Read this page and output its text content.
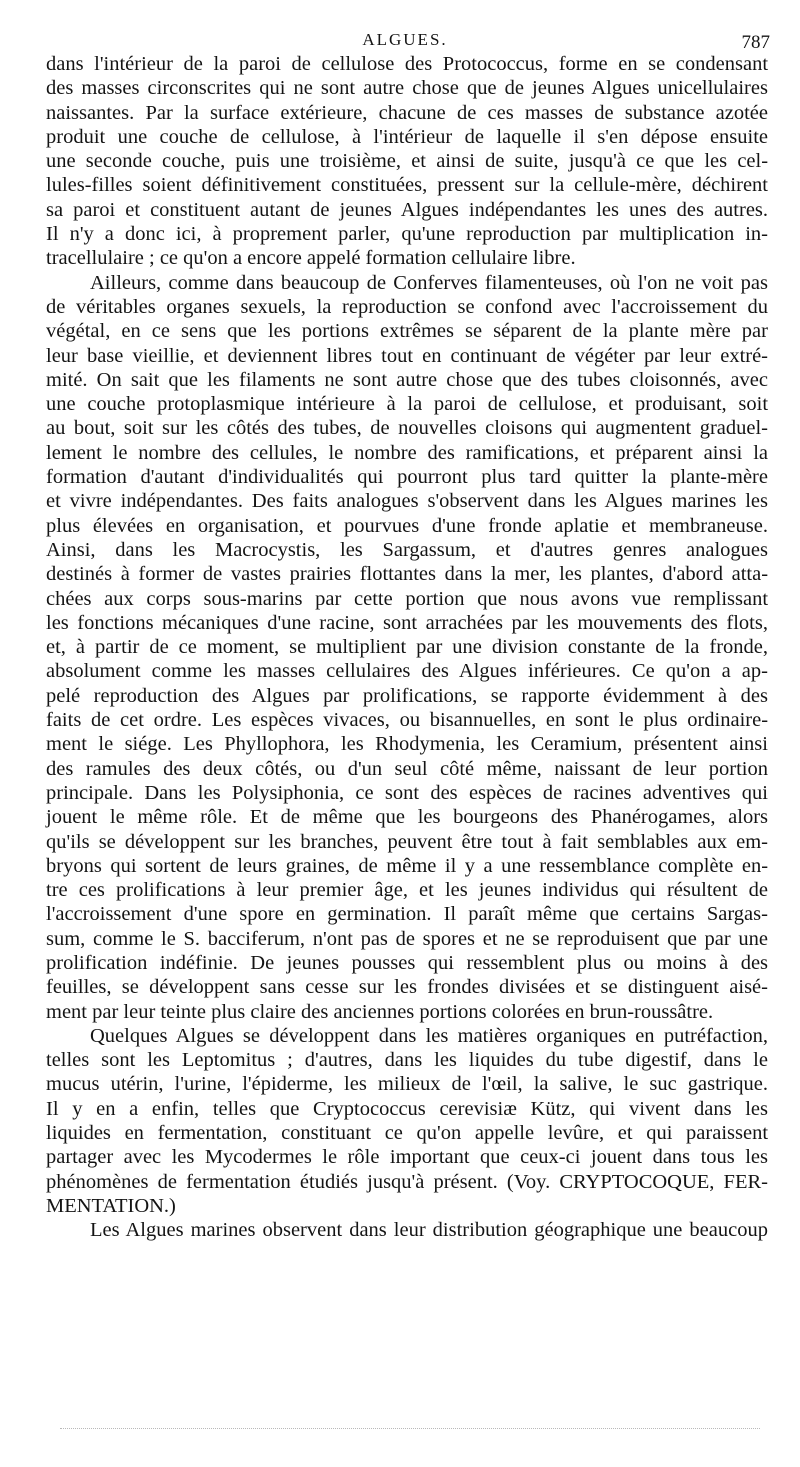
ALGUES.	787
dans l'intérieur de la paroi de cellulose des Protococcus, forme en se condensant
des masses circonscrites qui ne sont autre chose que de jeunes Algues unicellulaires
naissantes. Par la surface extérieure, chacune de ces masses de substance azotée
produit une couche de cellulose, à l'intérieur de laquelle il s'en dépose ensuite
une seconde couche, puis une troisième, et ainsi de suite, jusqu'à ce que les cel-
lules-filles soient définitivement constituées, pressent sur la cellule-mère, déchirent
sa paroi et constituent autant de jeunes Algues indépendantes les unes des autres.
Il n'y a donc ici, à proprement parler, qu'une reproduction par multiplication in-
tracellulaire ; ce qu'on a encore appelé formation cellulaire libre.
Ailleurs, comme dans beaucoup de Conferves filamenteuses, où l'on ne voit pas
de véritables organes sexuels, la reproduction se confond avec l'accroissement du
végétal, en ce sens que les portions extrêmes se séparent de la plante mère par
leur base vieillie, et deviennent libres tout en continuant de végéter par leur extré-
mité. On sait que les filaments ne sont autre chose que des tubes cloisonnés, avec
une couche protoplasmique intérieure à la paroi de cellulose, et produisant, soit
au bout, soit sur les côtés des tubes, de nouvelles cloisons qui augmentent graduel-
lement le nombre des cellules, le nombre des ramifications, et préparent ainsi la
formation d'autant d'individualités qui pourront plus tard quitter la plante-mère
et vivre indépendantes. Des faits analogues s'observent dans les Algues marines les
plus élevées en organisation, et pourvues d'une fronde aplatie et membraneuse.
Ainsi, dans les Macrocystis, les Sargassum, et d'autres genres analogues
destinés à former de vastes prairies flottantes dans la mer, les plantes, d'abord atta-
chées aux corps sous-marins par cette portion que nous avons vue remplissant
les fonctions mécaniques d'une racine, sont arrachées par les mouvements des flots,
et, à partir de ce moment, se multiplient par une division constante de la fronde,
absolument comme les masses cellulaires des Algues inférieures. Ce qu'on a ap-
pelé reproduction des Algues par prolifications, se rapporte évidemment à des
faits de cet ordre. Les espèces vivaces, ou bisannuelles, en sont le plus ordinaire-
ment le siége. Les Phyllophora, les Rhodymenia, les Ceramium, présentent ainsi
des ramules des deux côtés, ou d'un seul côté même, naissant de leur portion
principale. Dans les Polysiphonia, ce sont des espèces de racines adventives qui
jouent le même rôle. Et de même que les bourgeons des Phanérogames, alors
qu'ils se développent sur les branches, peuvent être tout à fait semblables aux em-
bryons qui sortent de leurs graines, de même il y a une ressemblance complète en-
tre ces prolifications à leur premier âge, et les jeunes individus qui résultent de
l'accroissement d'une spore en germination. Il paraît même que certains Sargas-
sum, comme le S. bacciferum, n'ont pas de spores et ne se reproduisent que par une
prolification indéfinie. De jeunes pousses qui ressemblent plus ou moins à des
feuilles, se développent sans cesse sur les frondes divisées et se distinguent aisé-
ment par leur teinte plus claire des anciennes portions colorées en brun-roussâtre.
Quelques Algues se développent dans les matières organiques en putréfaction,
telles sont les Leptomitus ; d'autres, dans les liquides du tube digestif, dans le
mucus utérin, l'urine, l'épiderme, les milieux de l'œil, la salive, le suc gastrique.
Il y en a enfin, telles que Cryptococcus cerevisiæ Kütz, qui vivent dans les
liquides en fermentation, constituant ce qu'on appelle levûre, et qui paraissent
partager avec les Mycodermes le rôle important que ceux-ci jouent dans tous les
phénomènes de fermentation étudiés jusqu'à présent. (Voy. CRYPTOCOQUE, FER-
MENTATION.)
Les Algues marines observent dans leur distribution géographique une beaucoup
